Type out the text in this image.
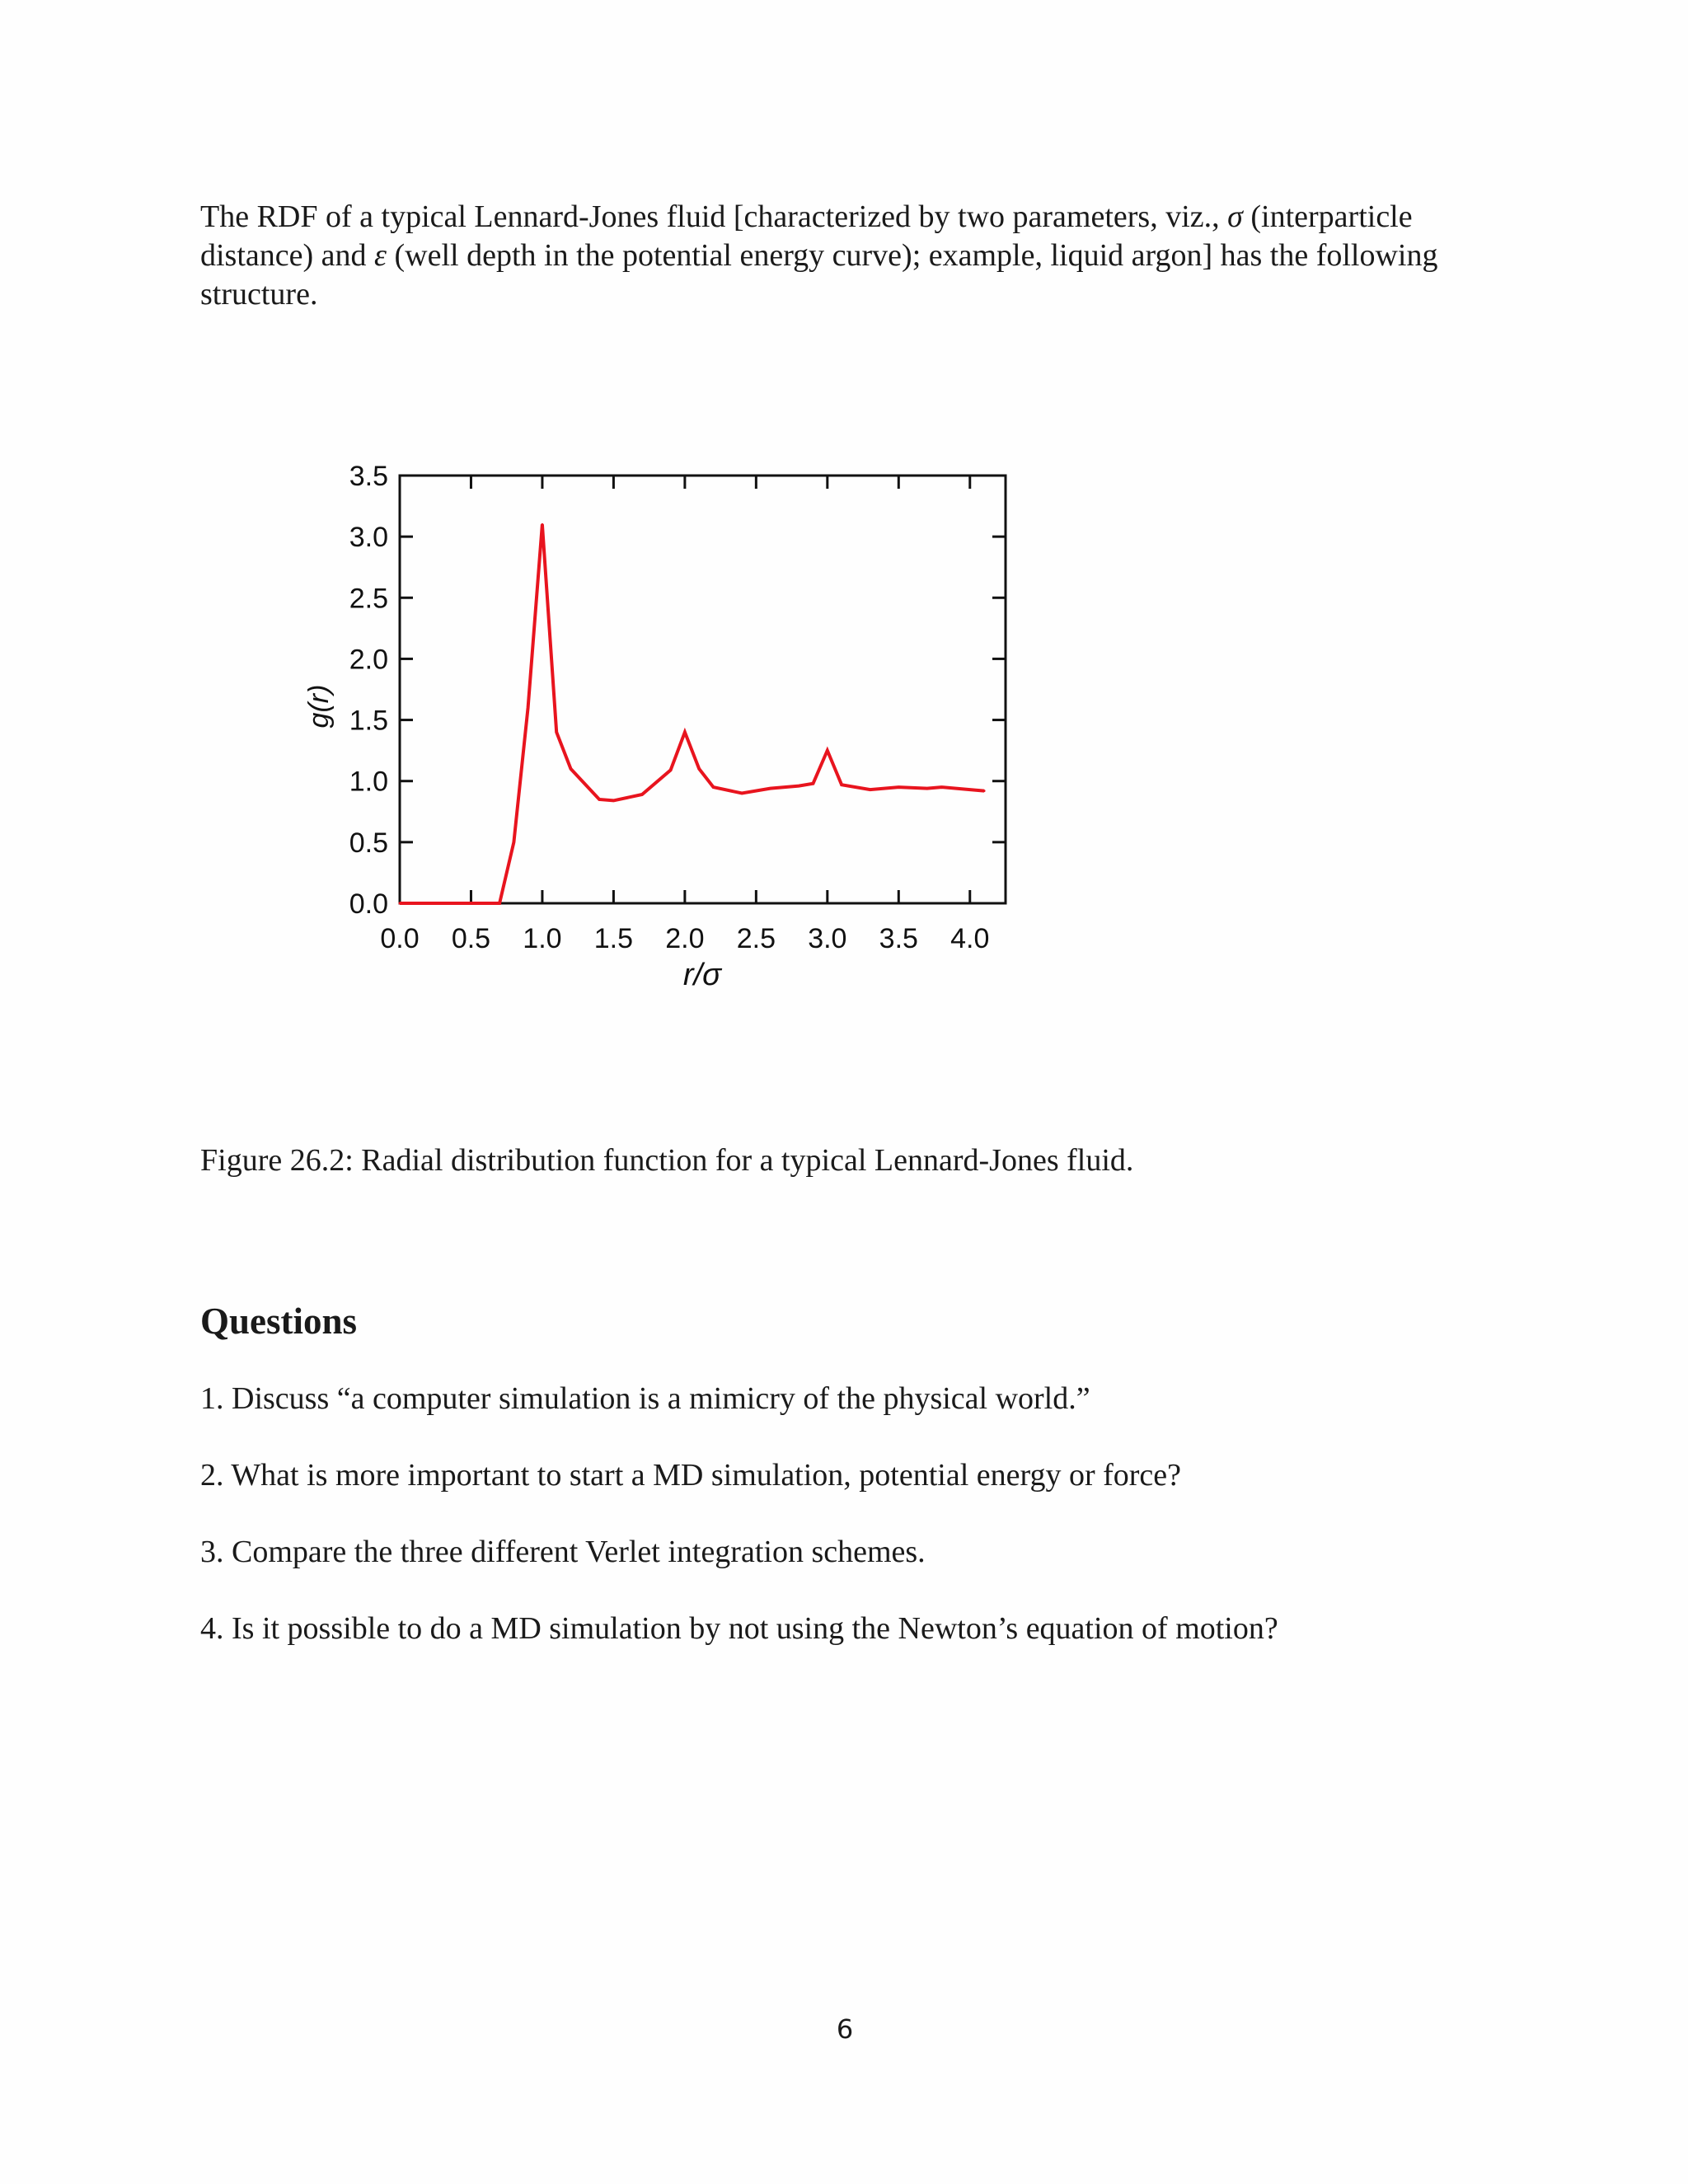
The RDF of a typical Lennard-Jones fluid [characterized by two parameters, viz., σ (interparticle distance) and ε (well depth in the potential energy curve); example, liquid argon] has the following structure.

0.0 0.5 1.0 1.5 2.0 2.5 3.0 3.5 4.0
0.0
0.5
1.0
1.5
2.0
2.5
3.0
3.5
r/σ
g(r)

Figure 26.2: Radial distribution function for a typical Lennard-Jones fluid.

Questions
1. Discuss “a computer simulation is a mimicry of the physical world.”
2. What is more important to start a MD simulation, potential energy or force?
3. Compare the three different Verlet integration schemes.
4. Is it possible to do a MD simulation by not using the Newton’s equation of motion?
6
